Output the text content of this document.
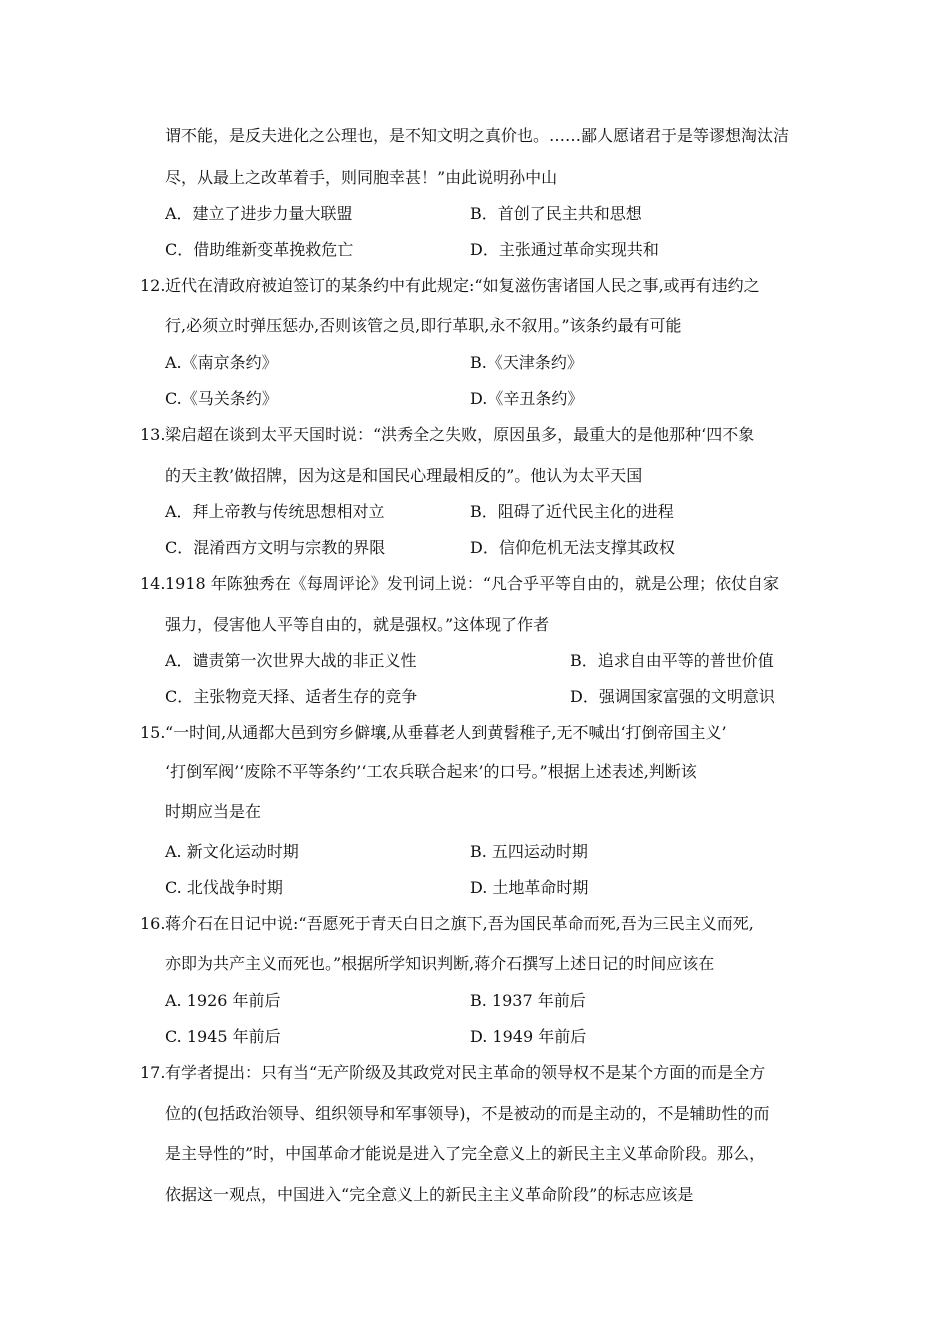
谓不能，是反夫进化之公理也，是不知文明之真价也。……鄙人愿诸君于是等谬想淘汰洁
尽，从最上之改革着手，则同胞幸甚！”由此说明孙中山
A．建立了进步力量大联盟	B．首创了民主共和思想
C．借助维新变革挽救危亡	D．主张通过革命实现共和
12. 近代在清政府被迫签订的某条约中有此规定:“如复滋伤害诸国人民之事,或再有违约之
行,必须立时弹压惩办,否则该管之员,即行革职,永不叙用。”该条约最有可能
A.《南京条约》	B.《天津条约》
C.《马关条约》	D.《辛丑条约》
13. 梁启超在谈到太平天国时说：“洪秀全之失败，原因虽多，最重大的是他那种‘四不象
的天主教’做招牌，因为这是和国民心理最相反的”。他认为太平天国
A．拜上帝教与传统思想相对立	B．阻碍了近代民主化的进程
C．混淆西方文明与宗教的界限	D．信仰危机无法支撑其政权
14. 1918 年陈独秀在《每周评论》发刊词上说：“凡合乎平等自由的，就是公理；依仗自家
强力，侵害他人平等自由的，就是强权。”这体现了作者
A．谴责第一次世界大战的非正义性	B．追求自由平等的普世价值
C．主张物竞天择、适者生存的竞争	D．强调国家富强的文明意识
15. “一时间,从通都大邑到穷乡僻壤,从垂暮老人到黄髫稚子,无不喊出‘打倒帝国主义’
‘打倒军阀’‘废除不平等条约’‘工农兵联合起来’的口号。”根据上述表述,判断该
时期应当是在
A. 新文化运动时期	B. 五四运动时期
C. 北伐战争时期	D. 土地革命时期
16. 蒋介石在日记中说:“吾愿死于青天白日之旗下,吾为国民革命而死,吾为三民主义而死,
亦即为共产主义而死也。”根据所学知识判断,蒋介石撰写上述日记的时间应该在
A. 1926 年前后	B. 1937 年前后
C. 1945 年前后	D. 1949 年前后
17. 有学者提出：只有当“无产阶级及其政党对民主革命的领导权不是某个方面的而是全方
位的(包括政治领导、组织领导和军事领导)，不是被动的而是主动的，不是辅助性的而
是主导性的”时，中国革命才能说是进入了完全意义上的新民主主义革命阶段。那么，
依据这一观点，中国进入“完全意义上的新民主主义革命阶段”的标志应该是
